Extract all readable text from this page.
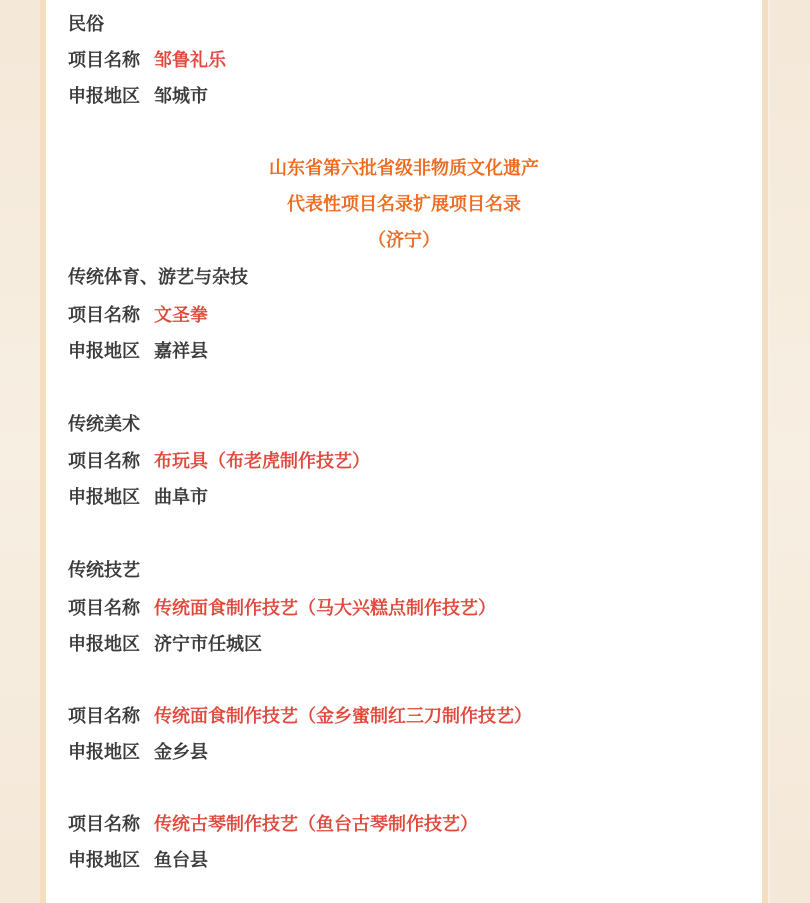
民俗
项目名称 邹鲁礼乐
申报地区 邹城市
山东省第六批省级非物质文化遗产
代表性项目名录扩展项目名录
（济宁）
传统体育、游艺与杂技
项目名称 文圣拳
申报地区 嘉祥县
传统美术
项目名称 布玩具（布老虎制作技艺）
申报地区 曲阜市
传统技艺
项目名称 传统面食制作技艺（马大兴糕点制作技艺）
申报地区 济宁市任城区
项目名称 传统面食制作技艺（金乡蜜制红三刀制作技艺）
申报地区 金乡县
项目名称 传统古琴制作技艺（鱼台古琴制作技艺）
申报地区 鱼台县
